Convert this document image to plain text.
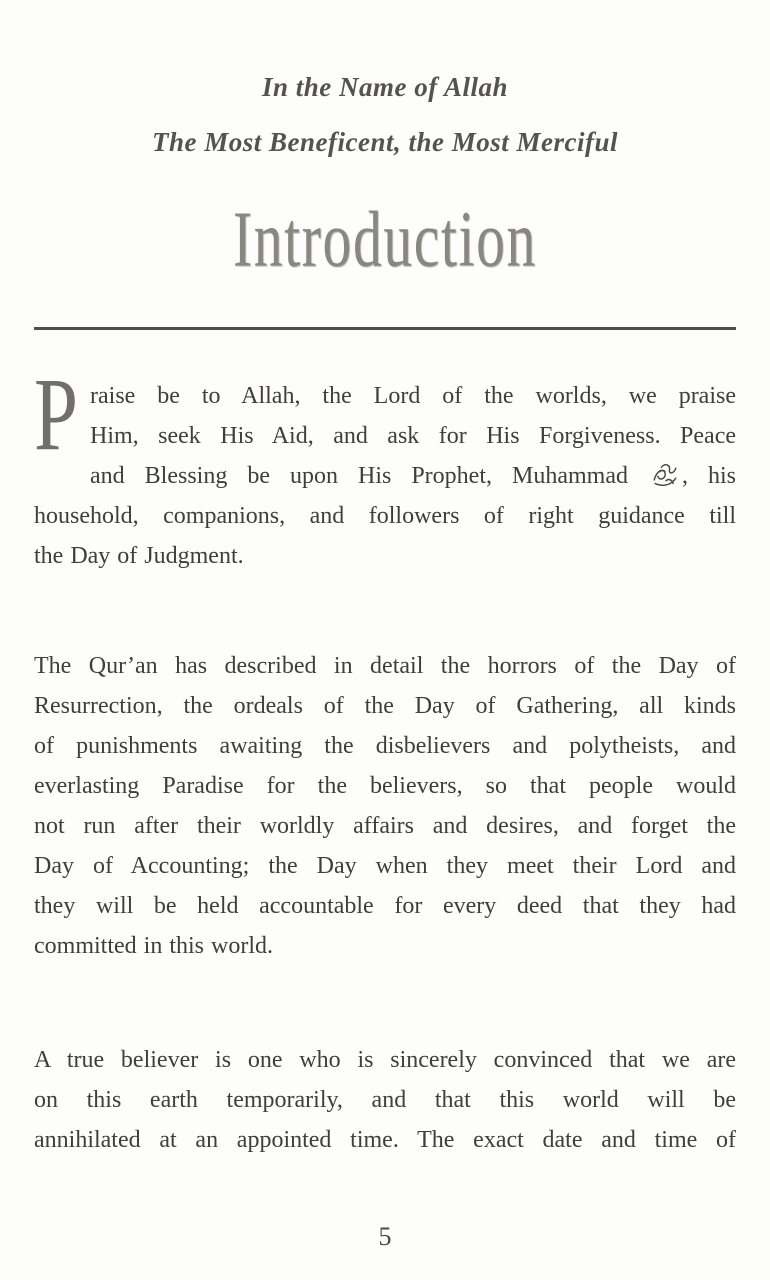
In the Name of Allah
The Most Beneficent, the Most Merciful
Introduction
P raise be to Allah, the Lord of the worlds, we praise
Him, seek His Aid, and ask for His Forgiveness. Peace
and Blessing be upon His Prophet, Muhammad , his
household, companions, and followers of right guidance till
the Day of Judgment.
The Qur’an has described in detail the horrors of the Day of
Resurrection, the ordeals of the Day of Gathering, all kinds
of punishments awaiting the disbelievers and polytheists, and
everlasting Paradise for the believers, so that people would
not run after their worldly affairs and desires, and forget the
Day of Accounting; the Day when they meet their Lord and
they will be held accountable for every deed that they had
committed in this world.
A true believer is one who is sincerely convinced that we are
on this earth temporarily, and that this world will be
annihilated at an appointed time. The exact date and time of
5
